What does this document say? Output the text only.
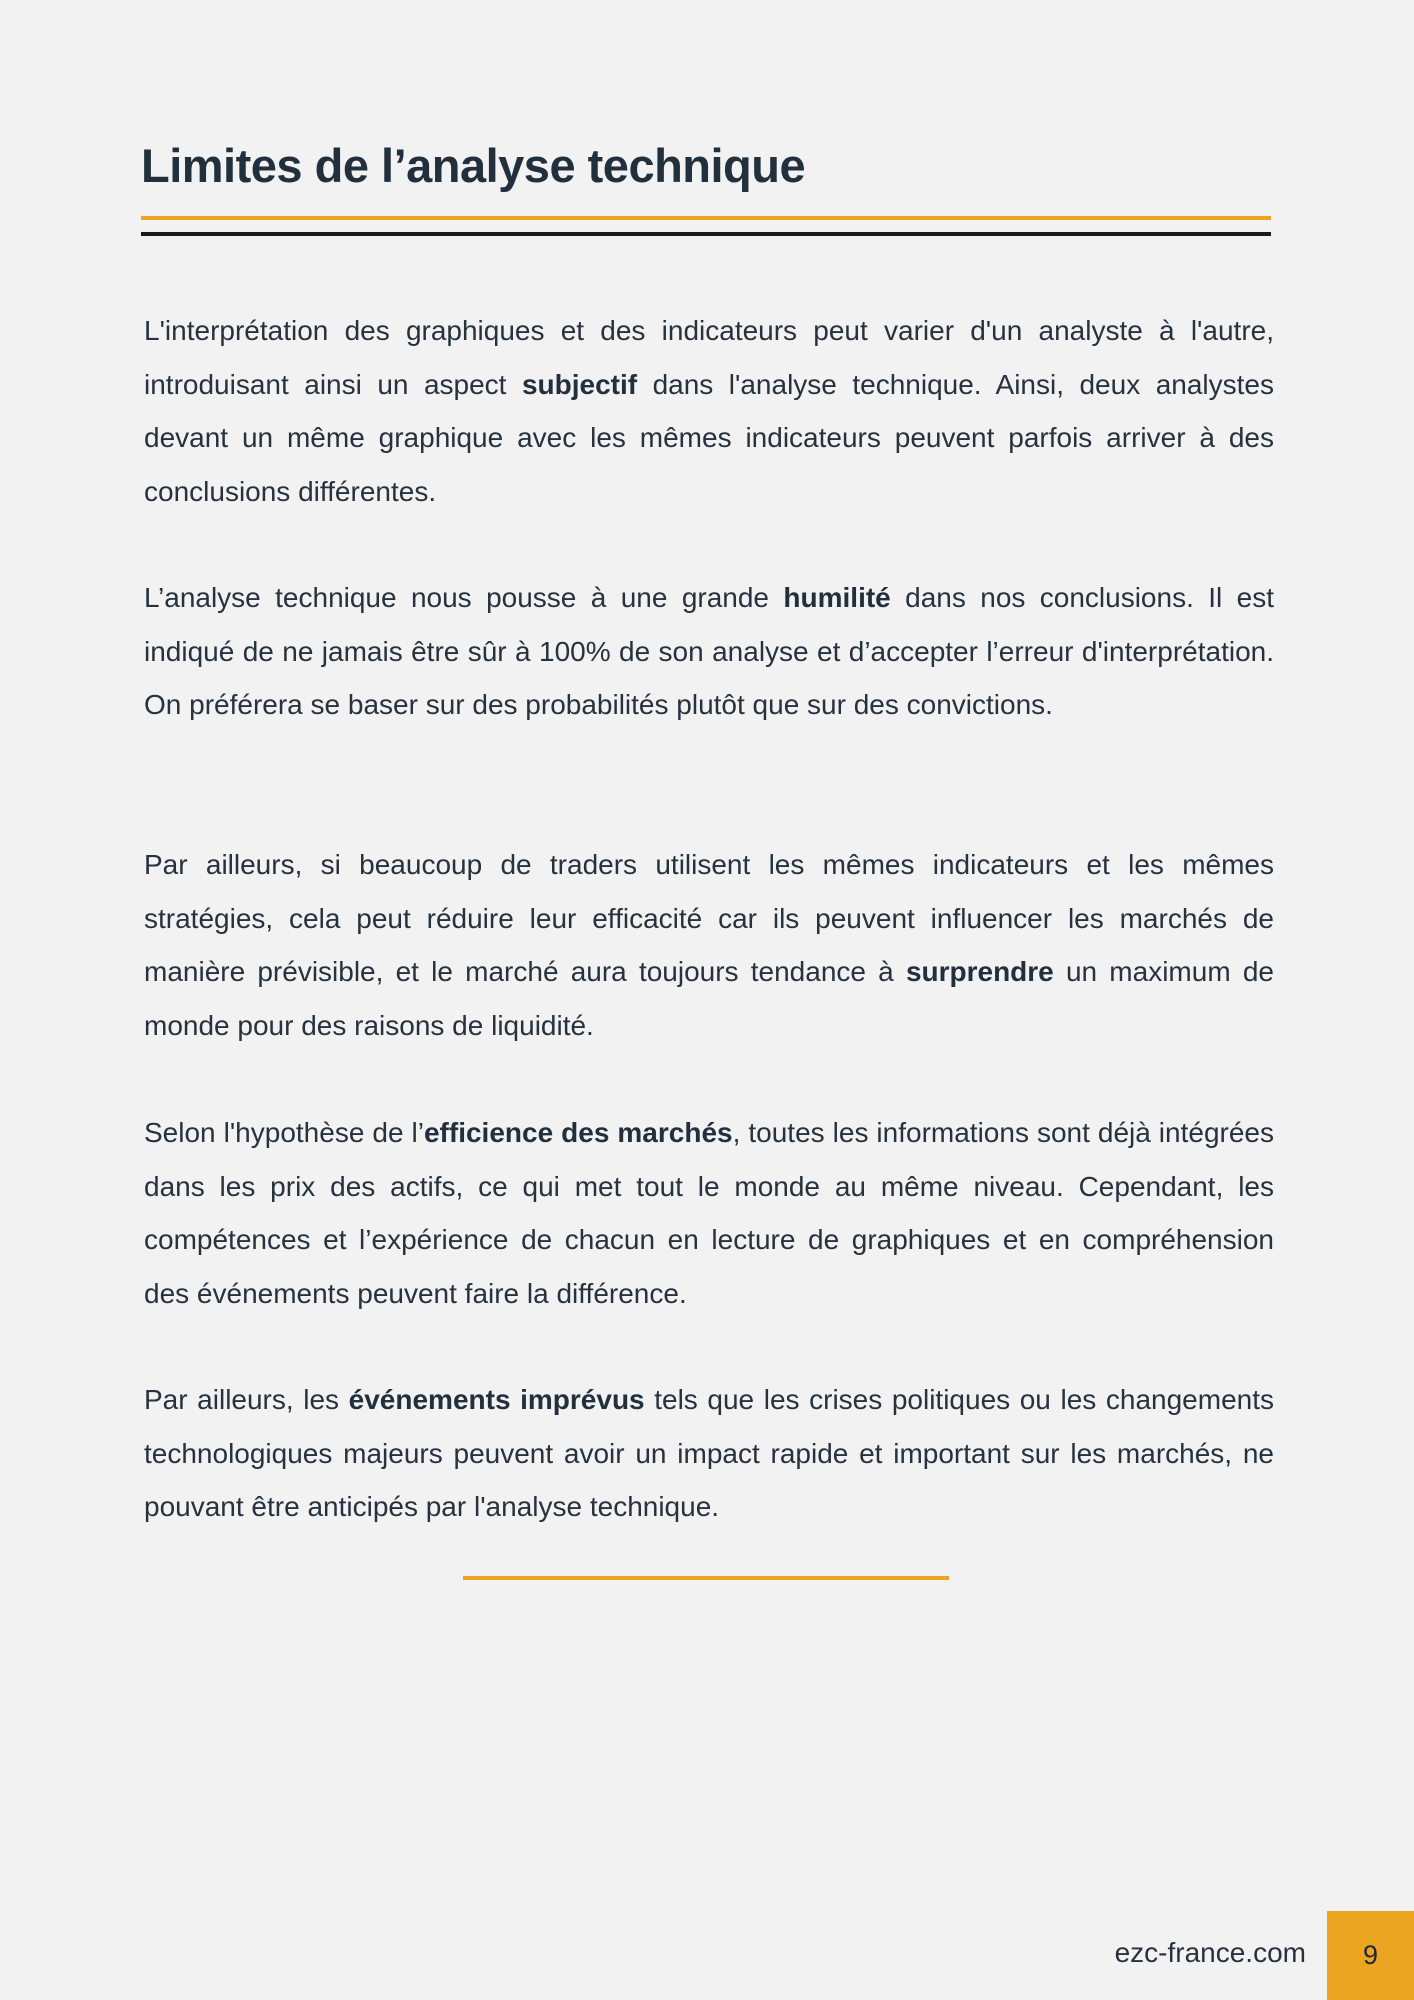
Limites de l’analyse technique

L'interprétation des graphiques et des indicateurs peut varier d'un analyste à l'autre, introduisant ainsi un aspect subjectif dans l'analyse technique. Ainsi, deux analystes devant un même graphique avec les mêmes indicateurs peuvent parfois arriver à des conclusions différentes.

L’analyse technique nous pousse à une grande humilité dans nos conclusions. Il est indiqué de ne jamais être sûr à 100% de son analyse et d’accepter l’erreur d'interprétation. On préférera se baser sur des probabilités plutôt que sur des convictions.

Par ailleurs, si beaucoup de traders utilisent les mêmes indicateurs et les mêmes stratégies, cela peut réduire leur efficacité car ils peuvent influencer les marchés de manière prévisible, et le marché aura toujours tendance à surprendre un maximum de monde pour des raisons de liquidité.

Selon l'hypothèse de l’efficience des marchés, toutes les informations sont déjà intégrées dans les prix des actifs, ce qui met tout le monde au même niveau. Cependant, les compétences et l’expérience de chacun en lecture de graphiques et en compréhension des événements peuvent faire la différence.

Par ailleurs, les événements imprévus tels que les crises politiques ou les changements technologiques majeurs peuvent avoir un impact rapide et important sur les marchés, ne pouvant être anticipés par l'analyse technique.

ezc-france.com 9
